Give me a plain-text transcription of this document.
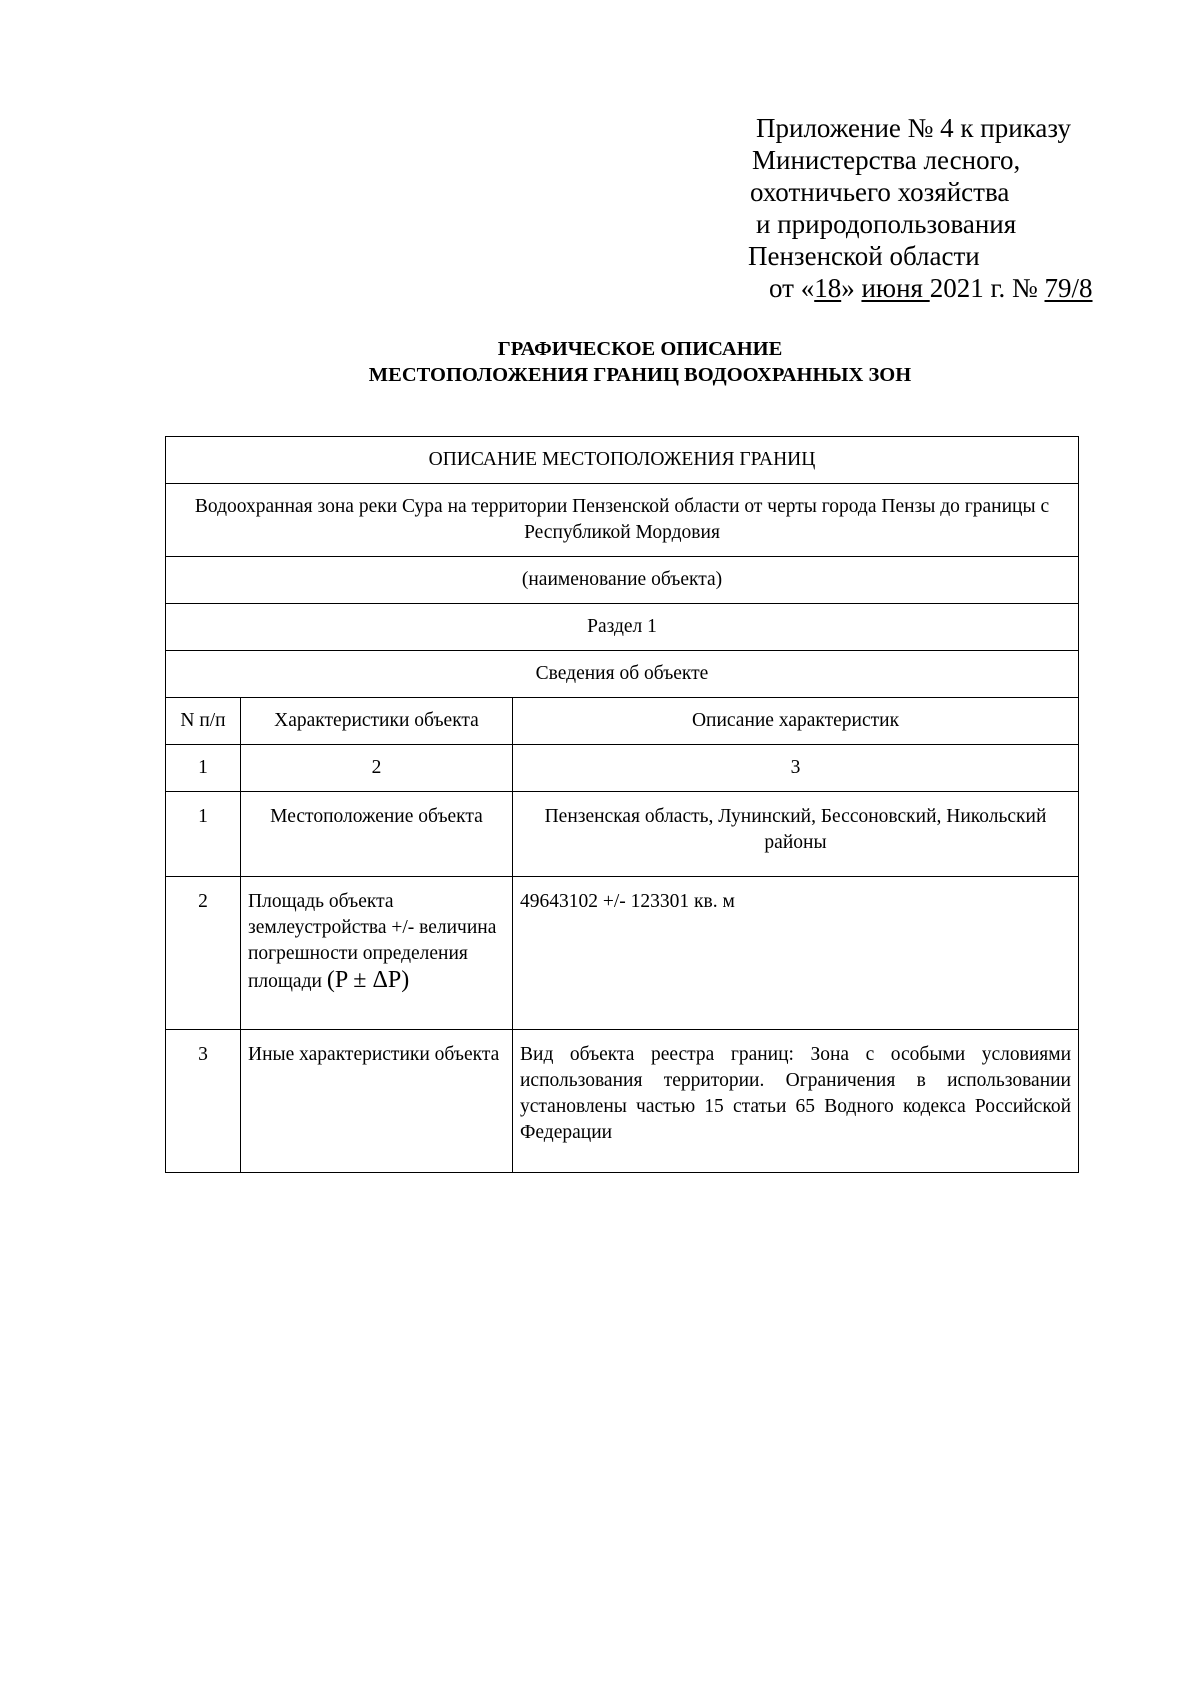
Приложение № 4 к приказу
Министерства лесного,
охотничьего хозяйства
и природопользования
Пензенской области
от «18» июня 2021 г. № 79/8
ГРАФИЧЕСКОЕ ОПИСАНИЕ
МЕСТОПОЛОЖЕНИЯ ГРАНИЦ ВОДООХРАННЫХ ЗОН
ОПИСАНИЕ МЕСТОПОЛОЖЕНИЯ ГРАНИЦ		
Водоохранная зона реки Сура на территории Пензенской области от черты города Пензы до границы с Республикой Мордовия		
(наименование объекта)		
Раздел 1		
Сведения об объекте		
N п/п	Характеристики объекта	Описание характеристик
1	2	3
1	Местоположение объекта	Пензенская область, Лунинский, Бессоновский, Никольский районы
2	Площадь объекта землеустройства +/- величина погрешности определения площади (P ± ΔP)	49643102 +/- 123301 кв. м
3	Иные характеристики объекта	Вид объекта реестра границ: Зона с особыми условиями использования территории. Ограничения в использовании установлены частью 15 статьи 65 Водного кодекса Российской Федерации
